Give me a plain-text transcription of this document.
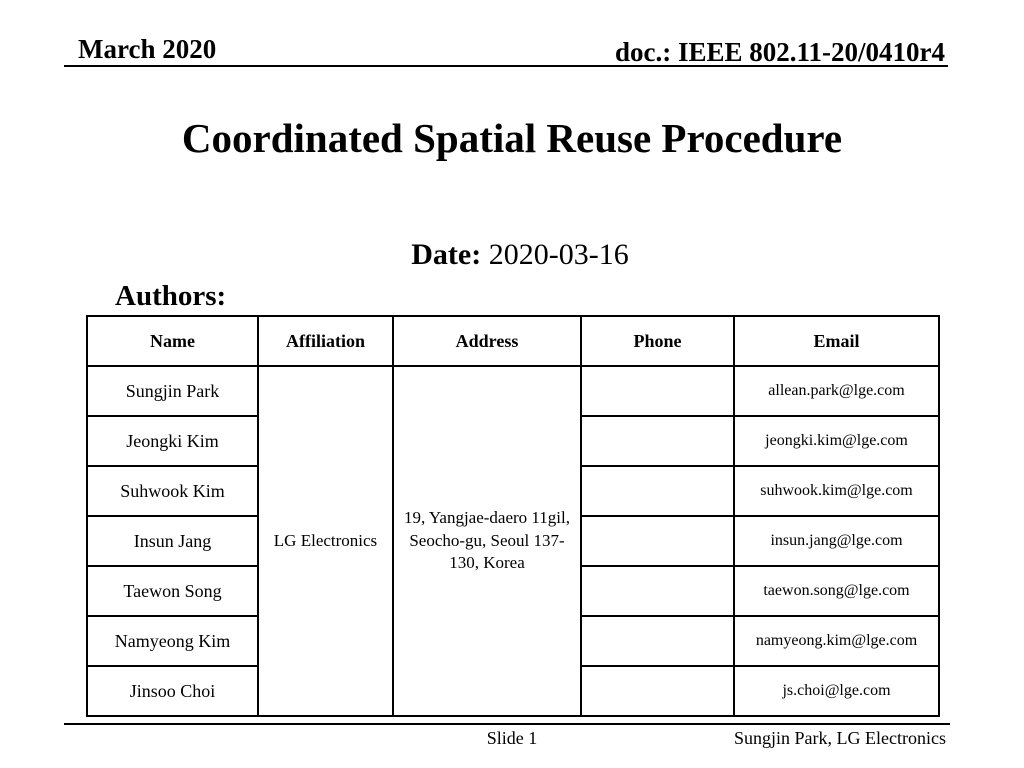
March 2020	doc.: IEEE 802.11-20/0410r4
Coordinated Spatial Reuse Procedure
Date: 2020-03-16
Authors:
Name	Affiliation	Address	Phone	Email
Sungjin Park	LG Electronics	19, Yangjae-daero 11gil, Seocho-gu, Seoul 137-130, Korea		allean.park@lge.com
Jeongki Kim				jeongki.kim@lge.com
Suhwook Kim				suhwook.kim@lge.com
Insun Jang				insun.jang@lge.com
Taewon Song				taewon.song@lge.com
Namyeong Kim				namyeong.kim@lge.com
Jinsoo Choi				js.choi@lge.com
Slide 1	Sungjin Park, LG Electronics
